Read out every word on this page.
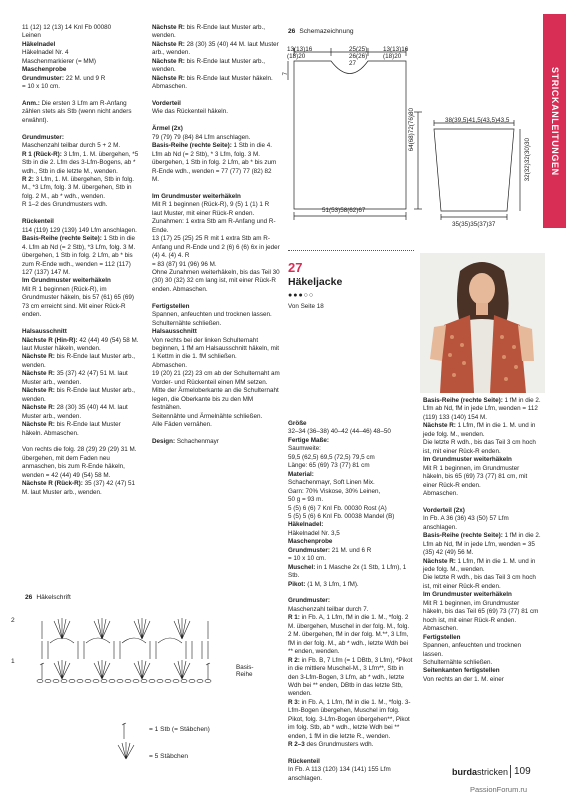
STRICKANLEITUNGEN

11 (12) 12 (13) 14 Knl Fb 00080
Leinen

Häkelnadel

Häkelnadel Nr. 4

Maschenmarkierer (= MM)

Maschenprobe

Grundmuster: 22 M. und 9 R
= 10 x 10 cm.

Anm.: Die ersten 3 Lfm am R-Anfang zählen stets als Stb (wenn nicht anders erwähnt).

Grundmuster:

Maschenzahl teilbar durch 5 + 2 M.

R 1 (Rück-R): 3 Lfm, 1. M. übergehen, *5 Stb in die 2. Lfm des 3-Lfm-Bogens, ab * wdh., Stb in die letzte M., wenden.

R 2: 3 Lfm, 1. M. übergehen, Stb in folg. M., *3 Lfm, folg. 3 M. übergehen, Stb in folg. 2 M., ab * wdh., wenden.

R 1–2 des Grundmusters wdh.

Rückenteil

114 (119) 129 (139) 149 Lfm anschlagen.

Basis-Reihe (rechte Seite): 1 Stb in die 4. Lfm ab Nd (= 2 Stb), *3 Lfm, folg. 3 M. übergehen, 1 Stb in folg. 2 Lfm, ab * bis zum R-Ende wdh., wenden = 112 (117) 127 (137) 147 M.

Im Grundmuster weiterhäkeln

Mit R 1 beginnen (Rück-R), im Grundmuster häkeln, bis 57 (61) 65 (69) 73 cm erreicht sind. Mit einer Rück-R enden.

Halsausschnitt

Nächste R (Hin-R): 42 (44) 49 (54) 58 M. laut Muster häkeln, wenden.

Nächste R: bis R-Ende laut Muster arb., wenden.

Nächste R: 35 (37) 42 (47) 51 M. laut Muster arb., wenden.

Nächste R: bis R-Ende laut Muster arb., wenden.

Nächste R: 28 (30) 35 (40) 44 M. laut Muster arb., wenden.

Nächste R: bis R-Ende laut Muster häkeln. Abmaschen.

Von rechts die folg. 28 (29) 29 (29) 31 M. übergehen, mit dem Faden neu anmaschen, bis zum R-Ende häkeln, wenden = 42 (44) 49 (54) 58 M.

Nächste R (Rück-R): 35 (37) 42 (47) 51 M. laut Muster arb., wenden.

Nächste R: bis R-Ende laut Muster arb., wenden.

Nächste R: 28 (30) 35 (40) 44 M. laut Muster arb., wenden.

Nächste R: bis R-Ende laut Muster arb., wenden.

Nächste R: bis R-Ende laut Muster häkeln. Abmaschen.

Vorderteil

Wie das Rückenteil häkeln.

Ärmel (2x)

79 (79) 79 (84) 84 Lfm anschlagen.

Basis-Reihe (rechte Seite): 1 Stb in die 4. Lfm ab Nd (= 2 Stb), * 3 Lfm, folg. 3 M. übergehen, 1 Stb in folg. 2 Lfm, ab * bis zum R-Ende wdh., wenden = 77 (77) 77 (82) 82 M.

Im Grundmuster weiterhäkeln

Mit R 1 beginnen (Rück-R), 9 (5) 1 (1) 1 R laut Muster, mit einer Rück-R enden.

Zunahmen: 1 extra Stb am R-Anfang und R-Ende.

13 (17) 25 (25) 25 R mit 1 extra Stb am R-Anfang und R-Ende und 2 (6) 6 (6) 6x in jeder (4) 4. (4) 4. R
= 83 (87) 91 (96) 96 M.

Ohne Zunahmen weiterhäkeln, bis das Teil 30 (30) 30 (32) 32 cm lang ist, mit einer Rück-R enden. Abmaschen.

Fertigstellen

Spannen, anfeuchten und trocknen lassen.

Schulternähte schließen.

Halsausschnitt

Von rechts bei der linken Schulternaht beginnen, 1 fM am Halsausschnitt häkeln, mit 1 Kettm in die 1. fM schließen.

Abmaschen.

19 (20) 21 (22) 23 cm ab der Schulternaht am Vorder- und Rückenteil einen MM setzen.

Mitte der Ärmeloberkante an die Schulternaht legen, die Oberkante bis zu den MM festnähen.

Seitennähte und Ärmelnähte schließen.

Alle Fäden vernähen.

Design: Schachenmayr

Größe

32–34 (36–38) 40–42 (44–46) 48–50

Fertige Maße:

Saumweite:
59,5 (62,5) 69,5 (72,5) 79,5 cm

Länge: 65 (69) 73 (77) 81 cm

Material:

Schachenmayr, Soft Linen Mix.

Garn: 70% Viskose, 30% Leinen,
50 g = 93 m.

5 (5) 6 (6) 7 Knl Fb. 00030 Rost (A)

5 (5) 5 (6) 6 Knl Fb. 00038 Mandel (B)

Häkelnadel:

Häkelnadel Nr. 3,5

Maschenprobe

Grundmuster: 21 M. und 6 R
= 10 x 10 cm.

Muschel: in 1 Masche 2x (1 Stb, 1 Lfm), 1 Stb.

Pikot: (1 M, 3 Lfm, 1 fM).

Grundmuster:

Maschenzahl teilbar durch 7.

R 1: in Fb. A, 1 Lfm, fM in die 1. M., *folg. 2 M. übergehen, Muschel in der folg. M., folg. 2 M. übergehen, fM in der folg. M.**, 3 Lfm, fM in der folg. M., ab * wdh., letzte Wdh bei ** enden, wenden.

R 2: in Fb. B, 7 Lfm (= 1 DBtb, 3 Lfm), *Pikot in die mittlere Muschel-M., 3 Lfm**, Stb in den 3-Lfm-Bogen, 3 Lfm, ab * wdh., letzte Wdh bei ** enden, DBtb in das letzte Stb, wenden.

R 3: in Fb. A, 1 Lfm, fM in die 1. M., *folg. 3-Lfm-Bogen übergehen, Muschel im folg. Pikot, folg. 3-Lfm-Bogen übergehen**, Pikot im folg. Stb, ab * wdh., letzte Wdh bei ** enden, 1 fM in die letzte R., wenden.

R 2–3 des Grundmusters wdh.

Rückenteil

In Fb. A 113 (120) 134 (141) 155 Lfm anschlagen.

Basis-Reihe (rechte Seite): 1 fM in die 2. Lfm ab Nd, fM in jede Lfm, wenden = 112 (119) 133 (140) 154 M.

Nächste R: 1 Lfm, fM in die 1. M. und in jede folg. M., wenden.

Die letzte R wdh., bis das Teil 3 cm hoch ist, mit einer Rück-R enden.

Im Grundmuster weiterhäkeln

Mit R 1 beginnen, im Grundmuster häkeln, bis 65 (69) 73 (77) 81 cm, mit einer Rück-R enden.

Abmaschen.

Vorderteil (2x)

In Fb. A 36 (36) 43 (50) 57 Lfm anschlagen.

Basis-Reihe (rechte Seite): 1 fM in die 2. Lfm ab Nd, fM in jede Lfm, wenden = 35 (35) 42 (49) 56 M.

Nächste R: 1 Lfm, fM in die 1. M. und in jede folg. M., wenden.

Die letzte R wdh., bis das Teil 3 cm hoch ist, mit einer Rück-R enden.

Im Grundmuster weiterhäkeln

Mit R 1 beginnen, im Grundmuster häkeln, bis das Teil 65 (69) 73 (77) 81 cm hoch ist, mit einer Rück-R enden. Abmaschen.

Fertigstellen

Spannen, anfeuchten und trocknen lassen.

Schulternähte schließen.

Seitenkanten fertigstellen

Von rechts an der 1. M. einer

26 Schemazeichnung
13(13)16
(18)20
25(25)
26(26)
27
13(13)16
(18)20
7
64(68)72(76)80
51(53)58(62)67
38(39,5)41,5(43,5)43,5
32(32)32(30)30
35(35)35(37)37
26 Häkelschrift
2
1
Basis-
Reihe
= 1 Stb (= Stäbchen)
= 5 Stäbchen
27
Häkeljacke
●●●○○
Von Seite 18
burdastricken 109
PassionForum.ru
